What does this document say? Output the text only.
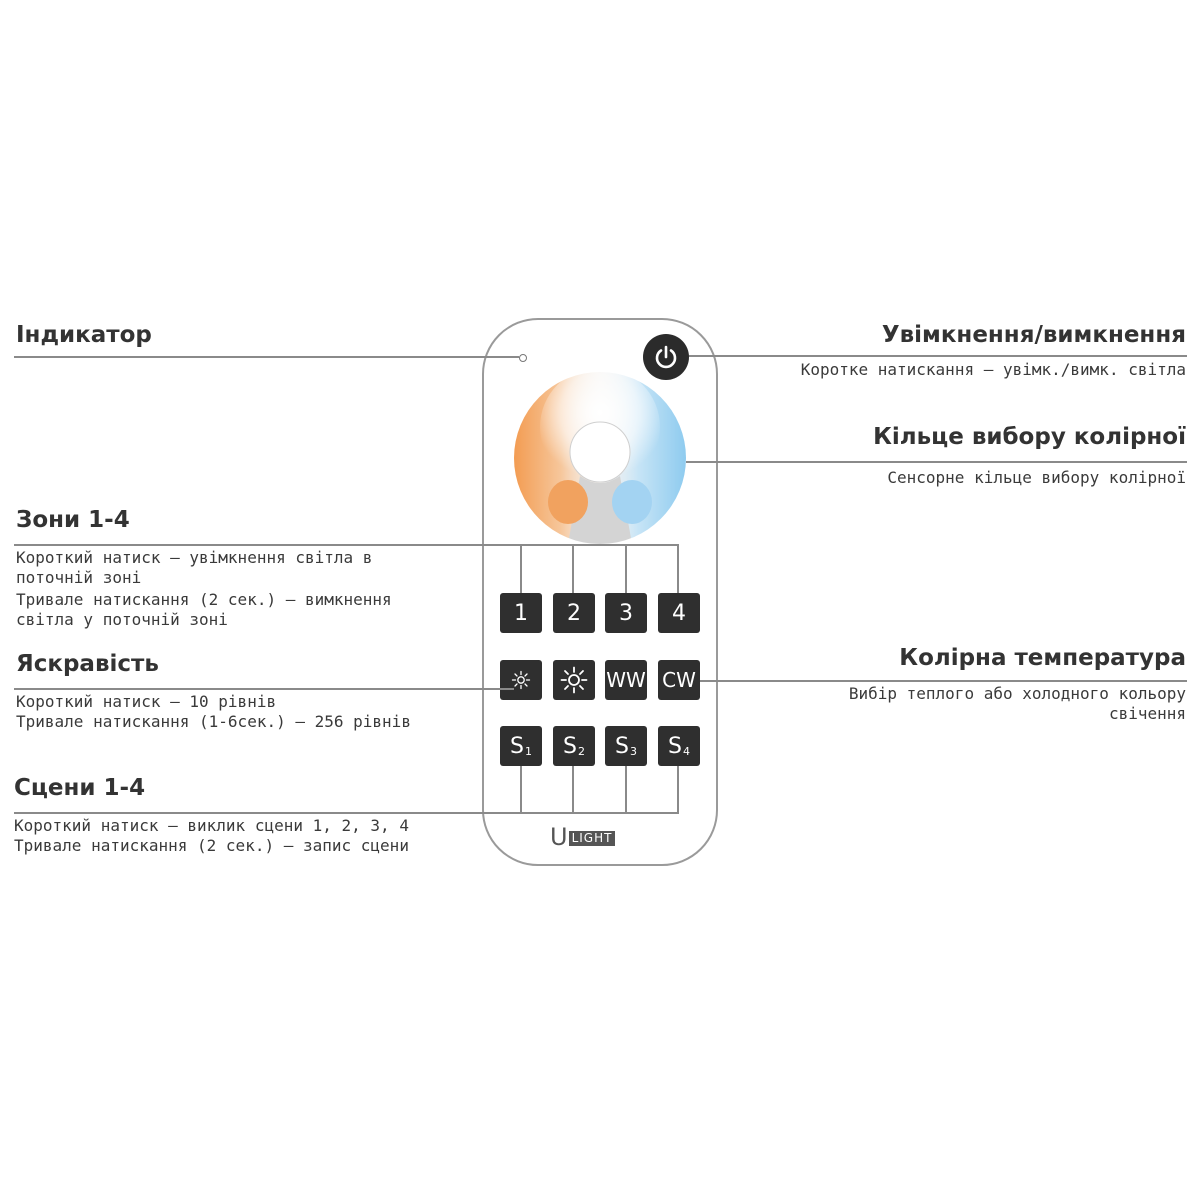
1	2	3	4
WW CW
$S_1$ $S_2$ $S_3$ $S_4$
U LIGHT
Індикатор	Увімкнення/вимкнення
Коротке натискання — увімк./вимк. світла
Кільце вибору колірної
Сенсорне кільце вибору колірної
Зони 1-4
Короткий натиск — увімкнення світла в
поточній зоні
Тривале натискання (2 сек.) — вимкнення
світла у поточній зоні
Яскравість
Короткий натиск — 10 рівнів
Тривале натискання (1-6сек.) — 256 рівнів
Колірна температура
Вибір теплого або холодного кольору
свічення
Сцени 1-4
Короткий натиск — виклик сцени 1, 2, 3, 4
Тривале натискання (2 сек.) — запис сцени
